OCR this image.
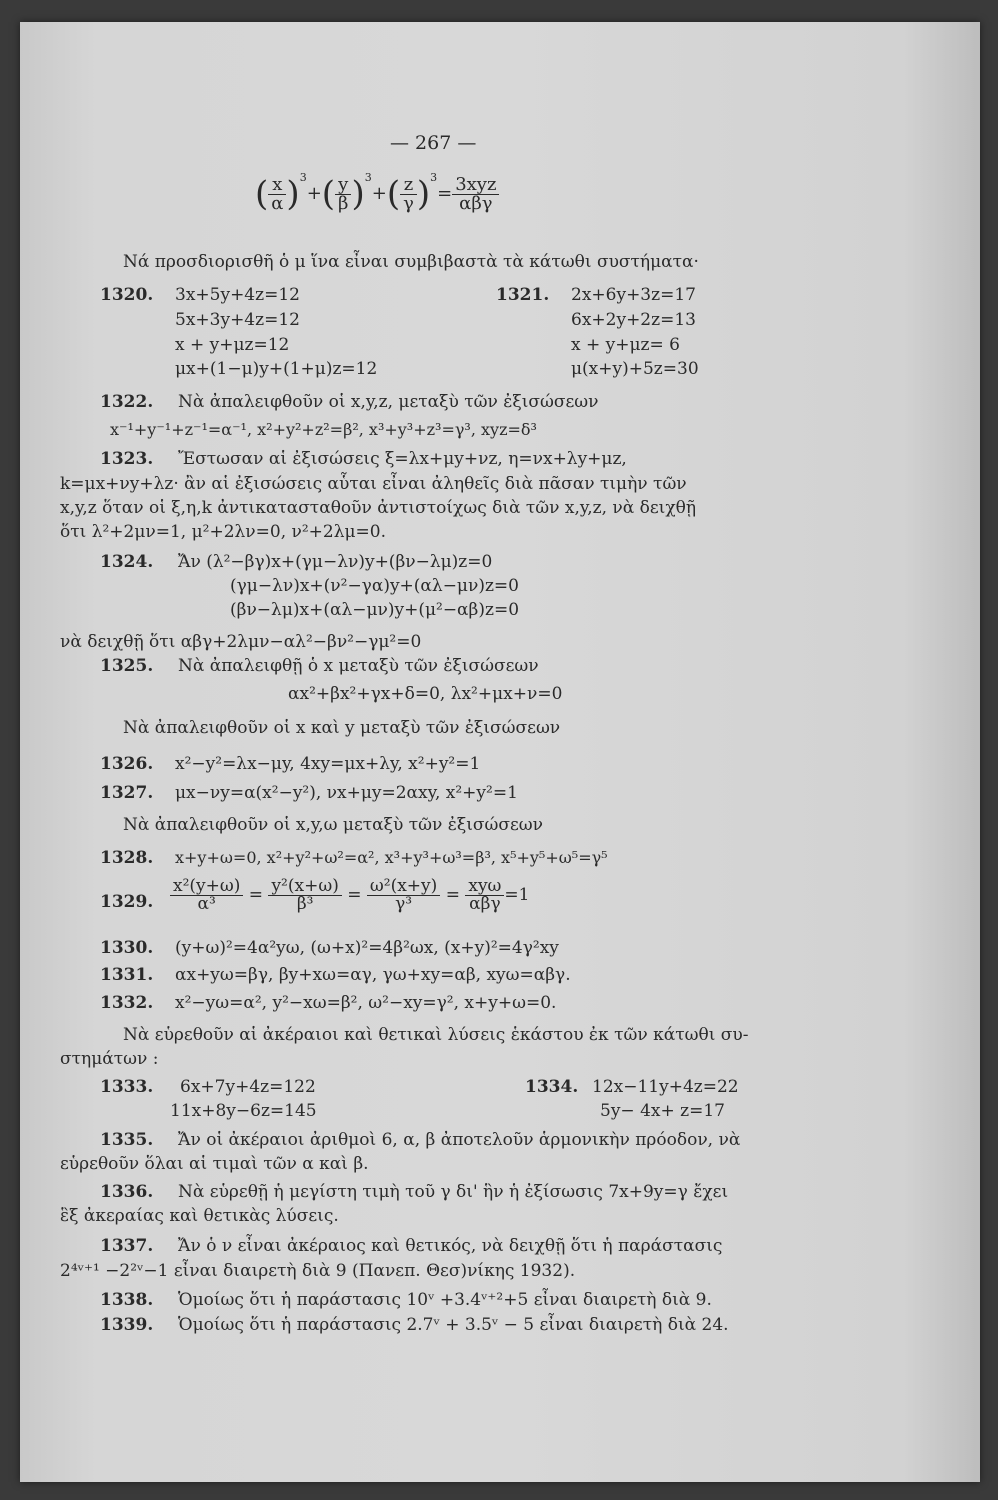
— 267 —
( $\frac{x}{\alpha} )^3+( \frac{y}{\beta} )^3+( \frac{z}{\gamma} )^3= \frac{\text{3xyz}}{\text{αβγ}}$
Νά προσδιορισθῆ ὁ μ ἵνα εἶναι συμβιβαστὰ τὰ κάτωθι συστήματα·
1320. 3x+5y+4z=12
5x+3y+4z=12
x + y+μz=12
μx+(1−μ)y+(1+μ)z=12
1321. 2x+6y+3z=17
6x+2y+2z=13
x + y+μz= 6
μ(x+y)+5z=30
1322. Νὰ ἀπαλειφθοῦν οἱ x,y,z, μεταξὺ τῶν ἐξισώσεων
x⁻¹+y⁻¹+z⁻¹=α⁻¹, x²+y²+z²=β², x³+y³+z³=γ³, xyz=δ³
1323. Ἔστωσαν αἱ ἐξισώσεις ξ=λx+μy+νz, η=νx+λy+μz,
k=μx+νy+λz· ἂν αἱ ἐξισώσεις αὗται εἶναι ἀληθεῖς διὰ πᾶσαν τιμὴν τῶν
x,y,z ὅταν οἱ ξ,η,k ἀντικατασταθοῦν ἀντιστοίχως διὰ τῶν x,y,z, νὰ δειχθῇ
ὅτι λ²+2μν=1, μ²+2λν=0, ν²+2λμ=0.
1324. Ἄν (λ²−βγ)x+(γμ−λν)y+(βν−λμ)z=0
(γμ−λν)x+(ν²−γα)y+(αλ−μν)z=0
(βν−λμ)x+(αλ−μν)y+(μ²−αβ)z=0
νὰ δειχθῇ ὅτι αβγ+2λμν−αλ²−βν²−γμ²=0
1325. Νὰ ἀπαλειφθῇ ὁ x μεταξὺ τῶν ἐξισώσεων
αx²+βx²+γx+δ=0, λx²+μx+ν=0
Νὰ ἀπαλειφθοῦν οἱ x καὶ y μεταξὺ τῶν ἐξισώσεων
1326. x²−y²=λx−μy, 4xy=μx+λy, x²+y²=1
1327. μx−νy=α(x²−y²), νx+μy=2αxy, x²+y²=1
Νὰ ἀπαλειφθοῦν οἱ x,y,ω μεταξὺ τῶν ἐξισώσεων
1328. x+y+ω=0, x²+y²+ω²=α², x³+y³+ω³=β³, x⁵+y⁵+ω⁵=γ⁵
1329. $\frac{\text{x²(y+ω)}}{\text{α³}} = \frac{\text{y²(x+ω)}}{\text{β³}} = \frac{\text{ω²(x+y)}}{\text{γ³}} = \frac{\text{xyω}}{\text{αβγ}} =1$
1330. (y+ω)²=4α²yω, (ω+x)²=4β²ωx, (x+y)²=4γ²xy
1331. αx+yω=βγ, βy+xω=αγ, γω+xy=αβ, xyω=αβγ.
1332. x²−yω=α², y²−xω=β², ω²−xy=γ², x+y+ω=0.
Νὰ εὑρεθοῦν αἱ ἀκέραιοι καὶ θετικαὶ λύσεις ἑκάστου ἐκ τῶν κάτωθι συ-
στημάτων :
1333. 6x+7y+4z=122
11x+8y−6z=145
1334. 12x−11y+4z=22
5y− 4x+ z=17
1335. Ἄν οἱ ἀκέραιοι ἀριθμοὶ 6, α, β ἀποτελοῦν ἁρμονικὴν πρόοδον, νὰ
εὑρεθοῦν ὅλαι αἱ τιμαὶ τῶν α καὶ β.
1336. Νὰ εὑρεθῇ ἡ μεγίστη τιμὴ τοῦ γ δι' ἣν ἡ ἐξίσωσις 7x+9y=γ ἔχει
ἓξ ἀκεραίας καὶ θετικὰς λύσεις.
1337. Ἄν ὁ ν εἶναι ἀκέραιος καὶ θετικός, νὰ δειχθῇ ὅτι ἡ παράστασις
2⁴ᵛ⁺¹ −2²ᵛ−1 εἶναι διαιρετὴ διὰ 9 (Πανεπ. Θεσ)νίκης 1932).
1338. Ὁμοίως ὅτι ἡ παράστασις 10ᵛ +3.4ᵛ⁺²+5 εἶναι διαιρετὴ διὰ 9.
1339. Ὁμοίως ὅτι ἡ παράστασις 2.7ᵛ + 3.5ᵛ − 5 εἶναι διαιρετὴ διὰ 24.
